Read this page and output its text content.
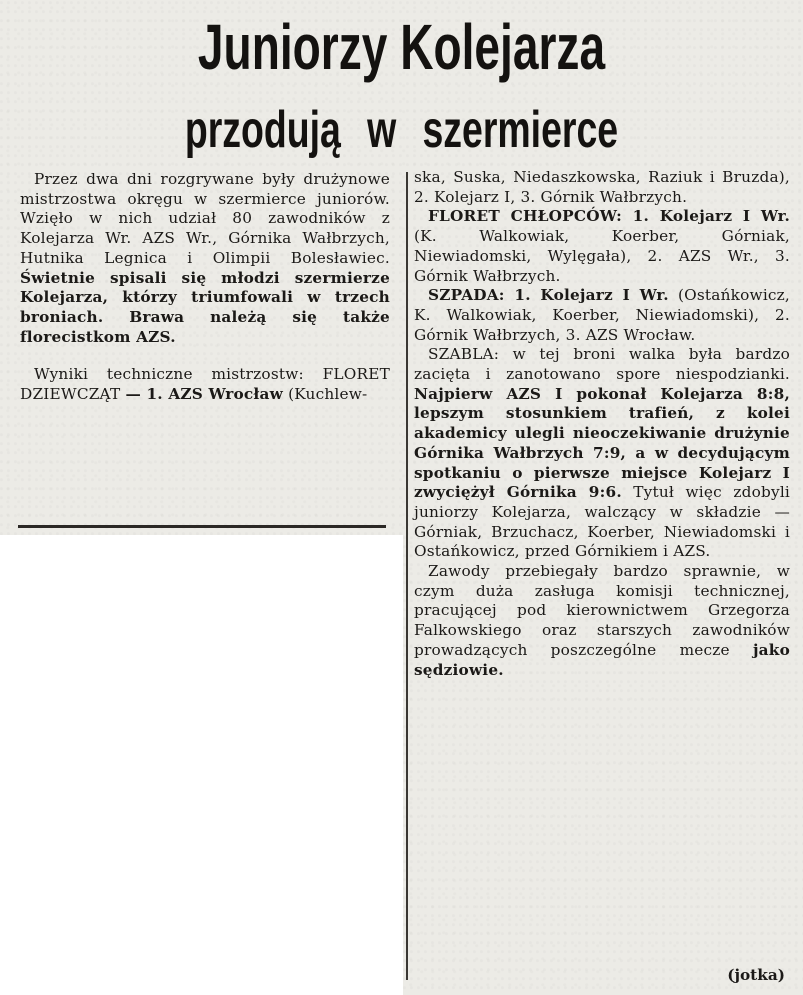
Juniorzy Kolejarza
przodują w szermierce

Przez dwa dni rozgrywane były drużynowe mistrzostwa okręgu w szermierce juniorów. Wzięło w nich udział 80 zawodników z Kolejarza Wr. AZS Wr., Górnika Wałbrzych, Hutnika Legnica i Olimpii Bolesławiec. Świetnie spisali się młodzi szermierze Kolejarza, którzy triumfowali w trzech broniach. Brawa należą się także florecistkom AZS.

Wyniki techniczne mistrzostw: FLORET DZIEWCZĄT — 1. AZS Wrocław (Kuchlew-

ska, Suska, Niedaszkowska, Raziuk i Bruzda), 2. Kolejarz I, 3. Górnik Wałbrzych.

FLORET CHŁOPCÓW: 1. Kolejarz I Wr. (K. Walkowiak, Koerber, Górniak, Niewiadomski, Wylęgała), 2. AZS Wr., 3. Górnik Wałbrzych.

SZPADA: 1. Kolejarz I Wr. (Ostańkowicz, K. Walkowiak, Koerber, Niewiadomski), 2. Górnik Wałbrzych, 3. AZS Wrocław.

SZABLA: w tej broni walka była bardzo zacięta i zanotowano spore niespodzianki. Najpierw AZS I pokonał Kolejarza 8:8, lepszym stosunkiem trafień, z kolei akademicy ulegli nieoczekiwanie drużynie Górnika Wałbrzych 7:9, a w decydującym spotkaniu o pierwsze miejsce Kolejarz I zwyciężył Górnika 9:6. Tytuł więc zdobyli juniorzy Kolejarza, walczący w składzie — Górniak, Brzuchacz, Koerber, Niewiadomski i Ostańkowicz, przed Górnikiem i AZS.

Zawody przebiegały bardzo sprawnie, w czym duża zasługa komisji technicznej, pracującej pod kierownictwem Grzegorza Falkowskiego oraz starszych zawodników prowadzących poszczególne mecze jako sędziowie.

(jotka)
